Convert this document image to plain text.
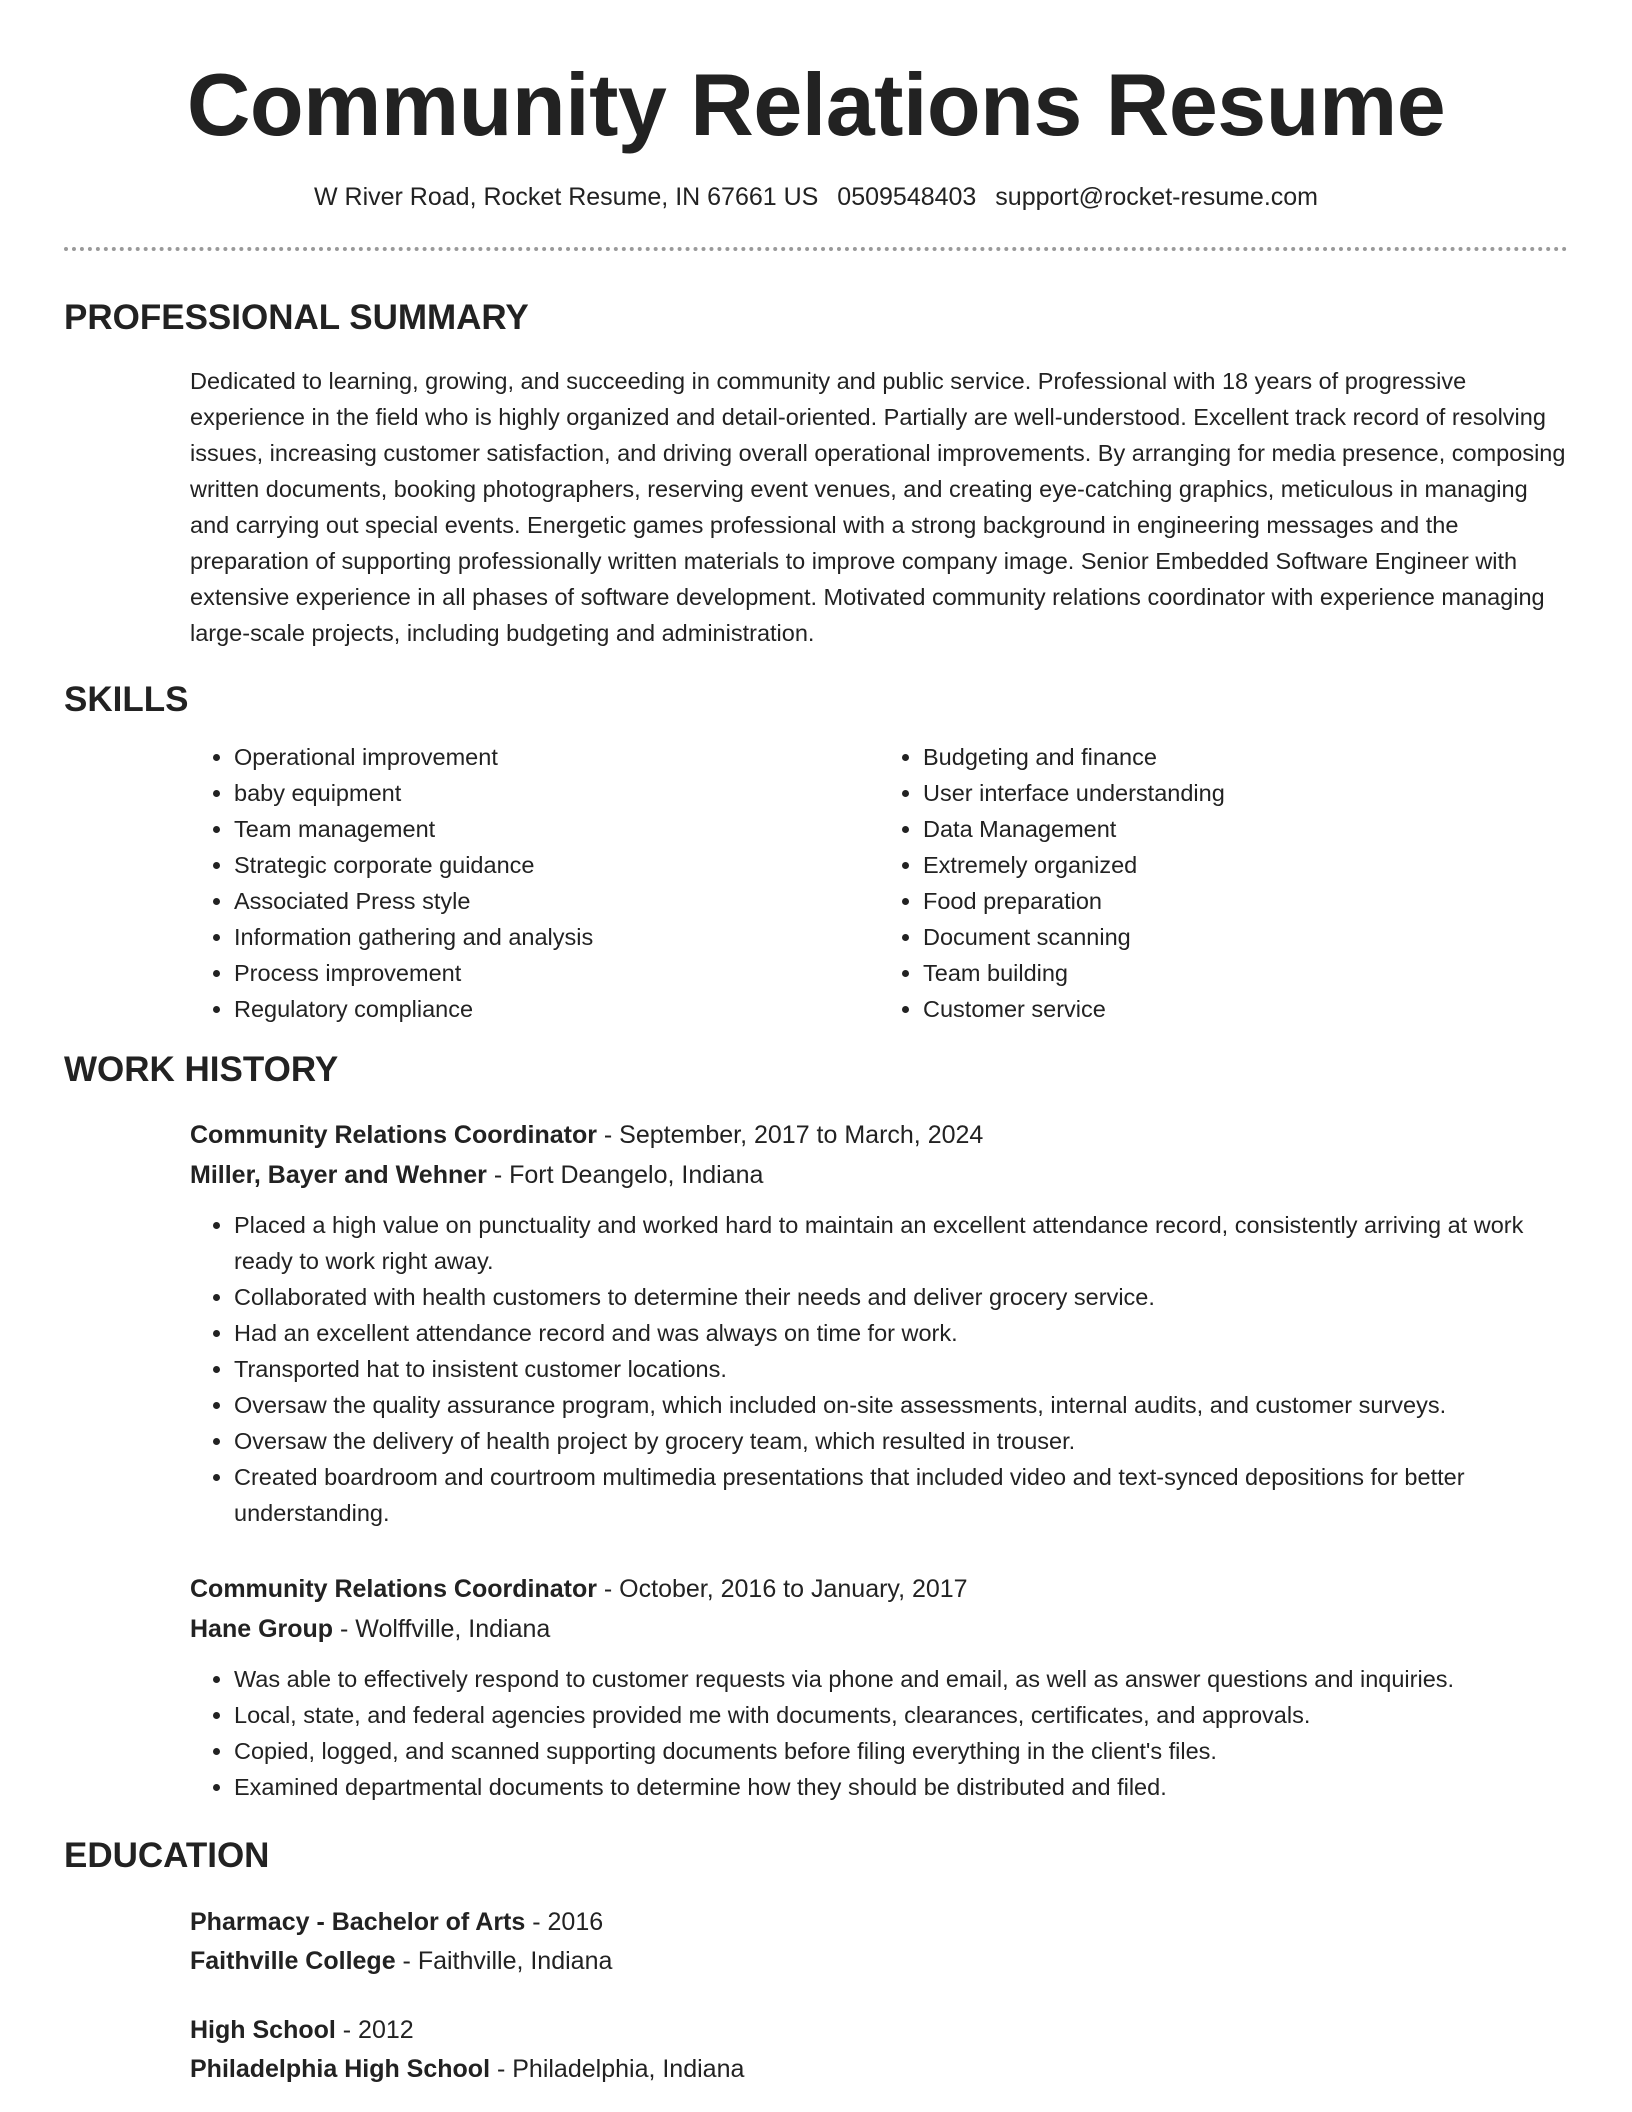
Community Relations Resume
W River Road, Rocket Resume, IN 67661 US 0509548403 support@rocket-resume.com
PROFESSIONAL SUMMARY

Dedicated to learning, growing, and succeeding in community and public service. Professional with 18 years of progressive experience in the field who is highly organized and detail-oriented. Partially are well-understood. Excellent track record of resolving issues, increasing customer satisfaction, and driving overall operational improvements. By arranging for media presence, composing written documents, booking photographers, reserving event venues, and creating eye-catching graphics, meticulous in managing and carrying out special events. Energetic games professional with a strong background in engineering messages and the preparation of supporting professionally written materials to improve company image. Senior Embedded Software Engineer with extensive experience in all phases of software development. Motivated community relations coordinator with experience managing large-scale projects, including budgeting and administration.

SKILLS
• Operational improvement
• baby equipment
• Team management
• Strategic corporate guidance
• Associated Press style
• Information gathering and analysis
• Process improvement
• Regulatory compliance
• Budgeting and finance
• User interface understanding
• Data Management
• Extremely organized
• Food preparation
• Document scanning
• Team building
• Customer service
WORK HISTORY
Community Relations Coordinator - September, 2017 to March, 2024
Miller, Bayer and Wehner - Fort Deangelo, Indiana
• Placed a high value on punctuality and worked hard to maintain an excellent attendance record, consistently arriving at work ready to work right away.
• Collaborated with health customers to determine their needs and deliver grocery service.
• Had an excellent attendance record and was always on time for work.
• Transported hat to insistent customer locations.
• Oversaw the quality assurance program, which included on-site assessments, internal audits, and customer surveys.
• Oversaw the delivery of health project by grocery team, which resulted in trouser.
• Created boardroom and courtroom multimedia presentations that included video and text-synced depositions for better understanding.
Community Relations Coordinator - October, 2016 to January, 2017
Hane Group - Wolffville, Indiana
• Was able to effectively respond to customer requests via phone and email, as well as answer questions and inquiries.
• Local, state, and federal agencies provided me with documents, clearances, certificates, and approvals.
• Copied, logged, and scanned supporting documents before filing everything in the client's files.
• Examined departmental documents to determine how they should be distributed and filed.
EDUCATION
Pharmacy - Bachelor of Arts - 2016
Faithville College - Faithville, Indiana
High School - 2012
Philadelphia High School - Philadelphia, Indiana
